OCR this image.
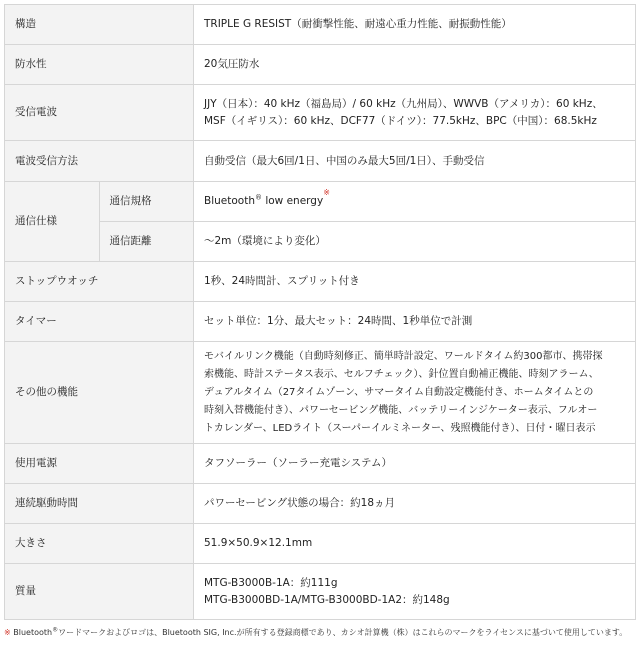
構造		TRIPLE G RESIST（耐衝撃性能、耐遠心重力性能、耐振動性能）
防水性		20気圧防水
受信電波		JJY（日本）：40 kHz（福島局）/ 60 kHz（九州局）、WWVB（アメリカ）：60 kHz、
MSF（イギリス）：60 kHz、DCF77（ドイツ）：77.5kHz、BPC（中国）：68.5kHz

電波受信方法		自動受信（最大6回/1日、中国のみ最大5回/1日）、手動受信
通信仕様	通信規格	Bluetooth® low energy※
	通信距離	～2m（環境により変化）
ストップウオッチ		1秒、24時間計、スプリット付き
タイマー		セット単位：1分、最大セット：24時間、1秒単位で計測
その他の機能		モバイルリンク機能（自動時刻修正、簡単時計設定、ワールドタイム約300都市、携帯探
索機能、時計ステータス表示、セルフチェック）、針位置自動補正機能、時刻アラーム、
デュアルタイム（27タイムゾーン、サマータイム自動設定機能付き、ホームタイムとの
時刻入替機能付き）、パワーセービング機能、バッテリーインジケーター表示、フルオー
トカレンダー、LEDライト（スーパーイルミネーター、残照機能付き）、日付・曜日表示

使用電源		タフソーラー（ソーラー充電システム）
連続駆動時間		パワーセービング状態の場合：約18ヵ月
大きさ		51.9×50.9×12.1mm
質量		MTG-B3000B-1A：約111g
MTG-B3000BD-1A/MTG-B3000BD-1A2：約148g
※ Bluetooth®ワードマークおよびロゴは、Bluetooth SIG, Inc.が所有する登録商標であり、カシオ計算機（株）はこれらのマークをライセンスに基づいて使用しています。
